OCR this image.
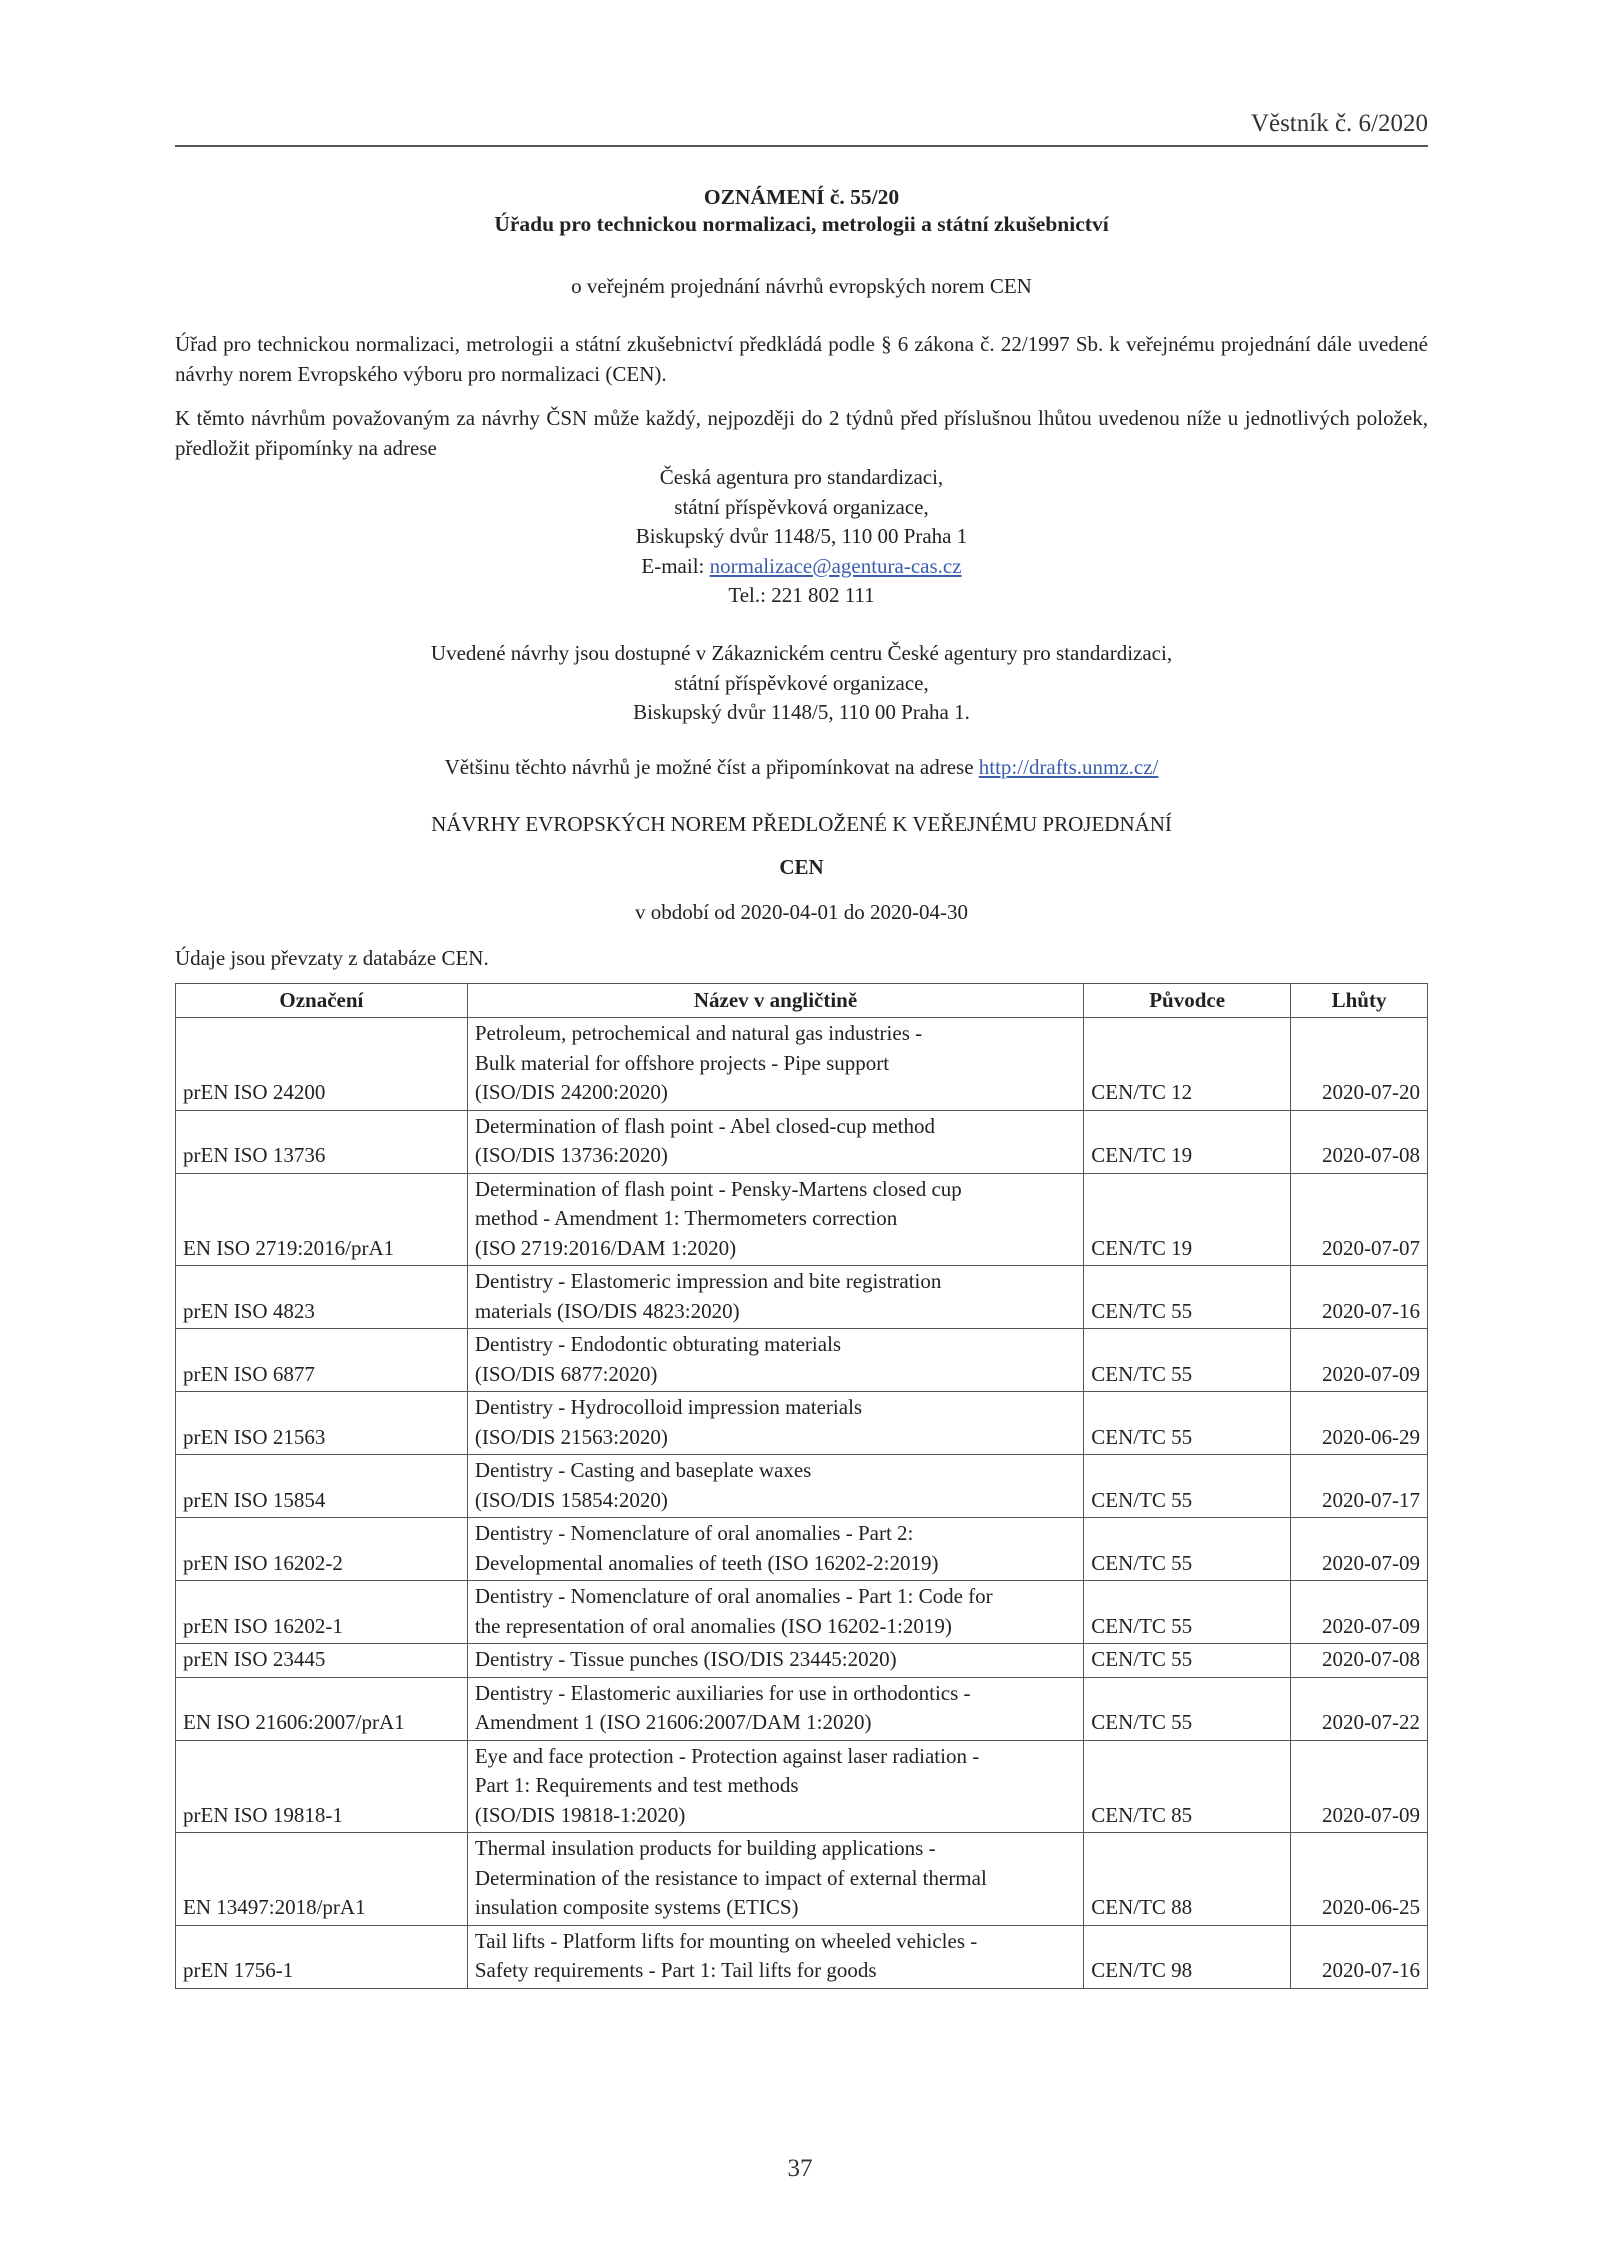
Věstník č. 6/2020
OZNÁMENÍ č. 55/20
Úřadu pro technickou normalizaci, metrologii a státní zkušebnictví
o veřejném projednání návrhů evropských norem CEN
Úřad pro technickou normalizaci, metrologii a státní zkušebnictví předkládá podle § 6 zákona č. 22/1997 Sb. k veřejnému projednání dále uvedené návrhy norem Evropského výboru pro normalizaci (CEN).
K těmto návrhům považovaným za návrhy ČSN může každý, nejpozději do 2 týdnů před příslušnou lhůtou uvedenou níže u jednotlivých položek, předložit připomínky na adrese
Česká agentura pro standardizaci,
státní příspěvková organizace,
Biskupský dvůr 1148/5, 110 00 Praha 1
E-mail: normalizace@agentura-cas.cz
Tel.: 221 802 111
Uvedené návrhy jsou dostupné v Zákaznickém centru České agentury pro standardizaci,
státní příspěvkové organizace,
Biskupský dvůr 1148/5, 110 00 Praha 1.
Většinu těchto návrhů je možné číst a připomínkovat na adrese http://drafts.unmz.cz/
NÁVRHY EVROPSKÝCH NOREM PŘEDLOŽENÉ K VEŘEJNÉMU PROJEDNÁNÍ
CEN
v období od 2020-04-01 do 2020-04-30
Údaje jsou převzaty z databáze CEN.
Označení	Název v angličtině	Původce	Lhůty
prEN ISO 24200	Petroleum, petrochemical and natural gas industries -
Bulk material for offshore projects - Pipe support
(ISO/DIS 24200:2020)	CEN/TC 12	2020-07-20
prEN ISO 13736	Determination of flash point - Abel closed-cup method
(ISO/DIS 13736:2020)	CEN/TC 19	2020-07-08
EN ISO 2719:2016/prA1	Determination of flash point - Pensky-Martens closed cup
method - Amendment 1: Thermometers correction
(ISO 2719:2016/DAM 1:2020)	CEN/TC 19	2020-07-07
prEN ISO 4823	Dentistry - Elastomeric impression and bite registration
materials (ISO/DIS 4823:2020)	CEN/TC 55	2020-07-16
prEN ISO 6877	Dentistry - Endodontic obturating materials
(ISO/DIS 6877:2020)	CEN/TC 55	2020-07-09
prEN ISO 21563	Dentistry - Hydrocolloid impression materials
(ISO/DIS 21563:2020)	CEN/TC 55	2020-06-29
prEN ISO 15854	Dentistry - Casting and baseplate waxes
(ISO/DIS 15854:2020)	CEN/TC 55	2020-07-17
prEN ISO 16202-2	Dentistry - Nomenclature of oral anomalies - Part 2:
Developmental anomalies of teeth (ISO 16202-2:2019)	CEN/TC 55	2020-07-09
prEN ISO 16202-1	Dentistry - Nomenclature of oral anomalies - Part 1: Code for
the representation of oral anomalies (ISO 16202-1:2019)	CEN/TC 55	2020-07-09
prEN ISO 23445	Dentistry - Tissue punches (ISO/DIS 23445:2020)	CEN/TC 55	2020-07-08
EN ISO 21606:2007/prA1	Dentistry - Elastomeric auxiliaries for use in orthodontics -
Amendment 1 (ISO 21606:2007/DAM 1:2020)	CEN/TC 55	2020-07-22
prEN ISO 19818-1	Eye and face protection - Protection against laser radiation -
Part 1: Requirements and test methods
(ISO/DIS 19818-1:2020)	CEN/TC 85	2020-07-09
EN 13497:2018/prA1	Thermal insulation products for building applications -
Determination of the resistance to impact of external thermal
insulation composite systems (ETICS)	CEN/TC 88	2020-06-25
prEN 1756-1	Tail lifts - Platform lifts for mounting on wheeled vehicles -
Safety requirements - Part 1: Tail lifts for goods	CEN/TC 98	2020-07-16
37
